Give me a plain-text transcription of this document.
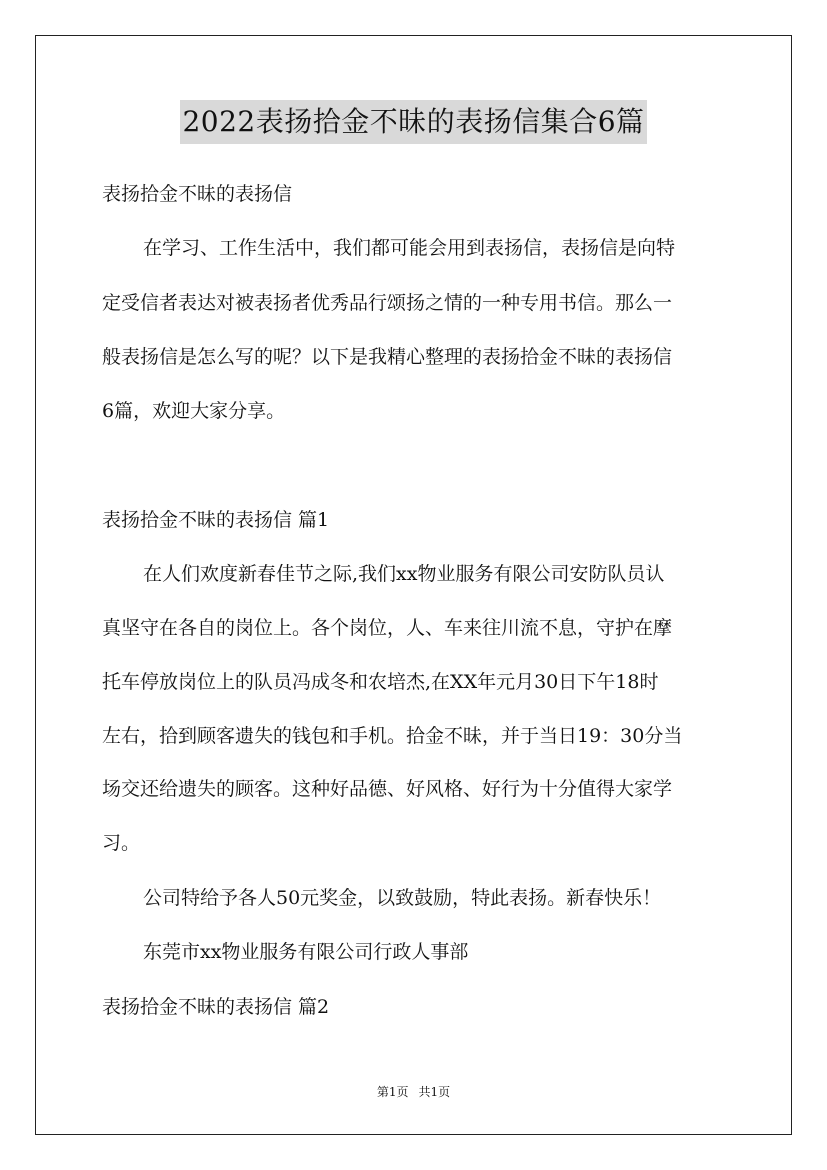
2022表扬拾金不昧的表扬信集合6篇
表扬拾金不昧的表扬信
在学习、工作生活中，我们都可能会用到表扬信，表扬信是向特
定受信者表达对被表扬者优秀品行颂扬之情的一种专用书信。那么一
般表扬信是怎么写的呢？以下是我精心整理的表扬拾金不昧的表扬信
6篇，欢迎大家分享。
表扬拾金不昧的表扬信 篇1
在人们欢度新春佳节之际,我们xx物业服务有限公司安防队员认
真坚守在各自的岗位上。各个岗位，人、车来往川流不息，守护在摩
托车停放岗位上的队员冯成冬和农培杰,在XX年元月30日下午18时
左右，拾到顾客遗失的钱包和手机。拾金不昧，并于当日19：30分当
场交还给遗失的顾客。这种好品德、好风格、好行为十分值得大家学
习。
公司特给予各人50元奖金，以致鼓励，特此表扬。新春快乐！
东莞市xx物业服务有限公司行政人事部
表扬拾金不昧的表扬信 篇2
第1页 共1页
